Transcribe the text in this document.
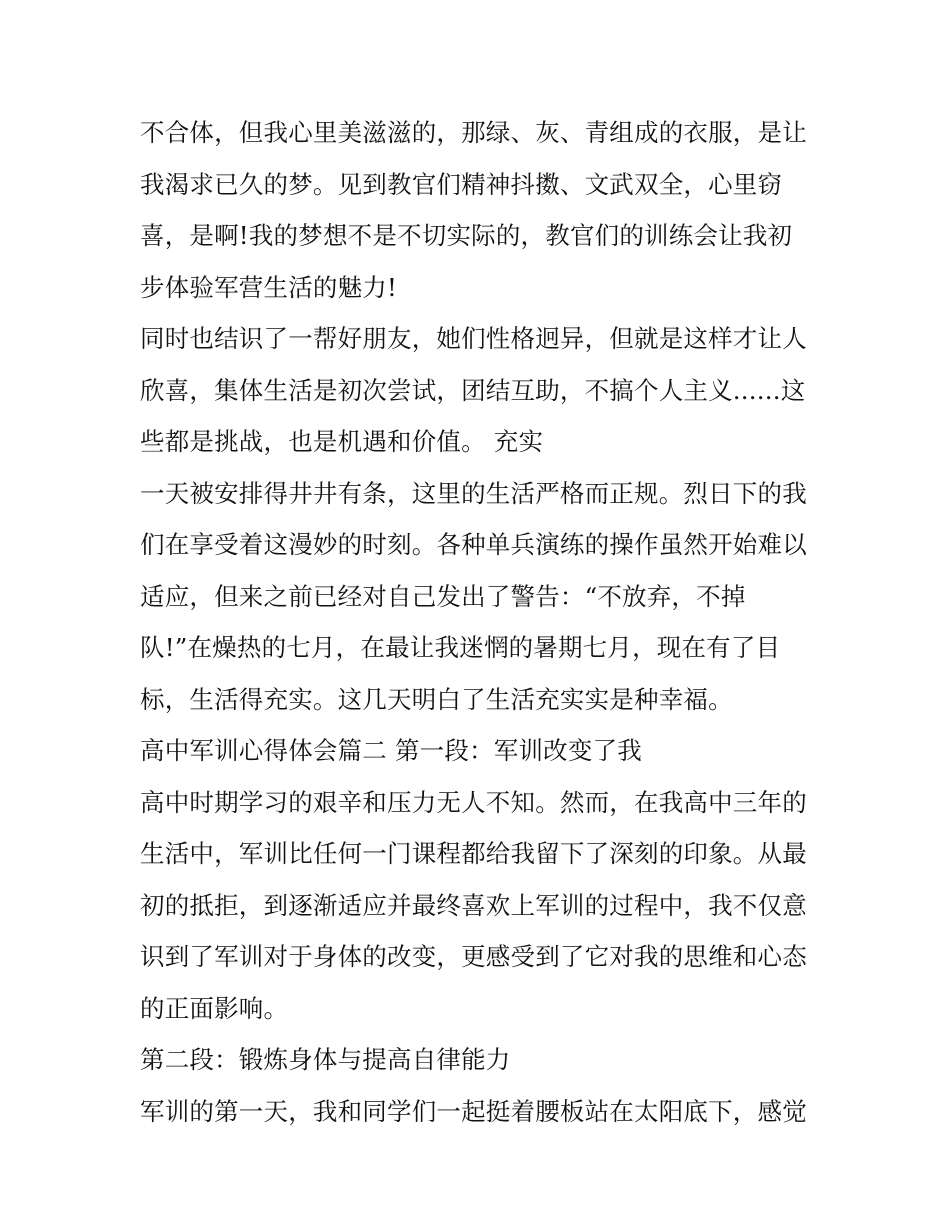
不合体，但我心里美滋滋的，那绿、灰、青组成的衣服，是让
我渴求已久的梦。见到教官们精神抖擞、文武双全，心里窃
喜，是啊!我的梦想不是不切实际的，教官们的训练会让我初
步体验军营生活的魅力!
同时也结识了一帮好朋友，她们性格迥异，但就是这样才让人
欣喜，集体生活是初次尝试，团结互助，不搞个人主义......这
些都是挑战，也是机遇和价值。 充实
一天被安排得井井有条，这里的生活严格而正规。烈日下的我
们在享受着这漫妙的时刻。各种单兵演练的操作虽然开始难以
适应，但来之前已经对自己发出了警告：“不放弃，不掉
队!”在燥热的七月，在最让我迷惘的暑期七月，现在有了目
标，生活得充实。这几天明白了生活充实实是种幸福。
高中军训心得体会篇二 第一段：军训改变了我
高中时期学习的艰辛和压力无人不知。然而，在我高中三年的
生活中，军训比任何一门课程都给我留下了深刻的印象。从最
初的抵拒，到逐渐适应并最终喜欢上军训的过程中，我不仅意
识到了军训对于身体的改变，更感受到了它对我的思维和心态
的正面影响。
第二段：锻炼身体与提高自律能力
军训的第一天，我和同学们一起挺着腰板站在太阳底下，感觉
